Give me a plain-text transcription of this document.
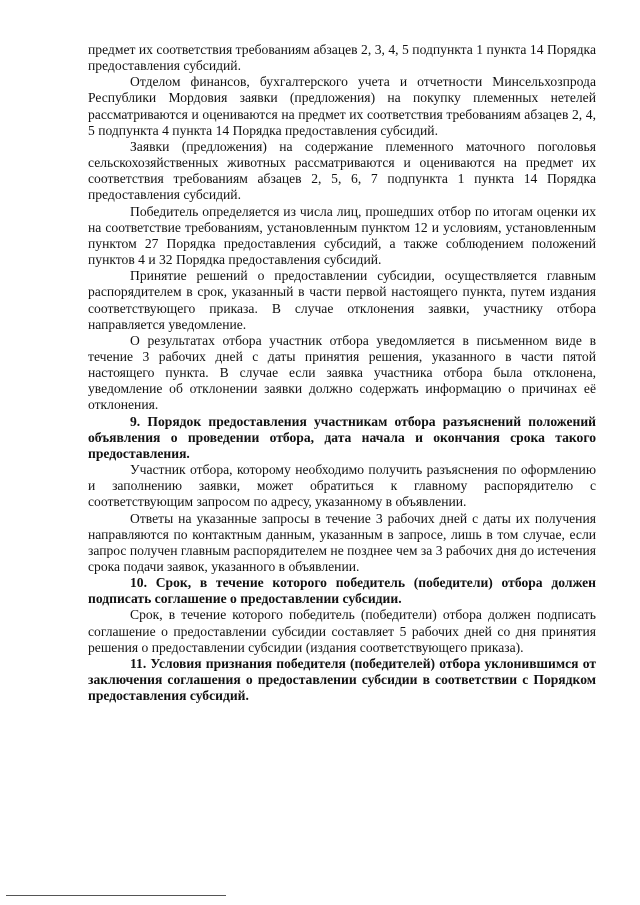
предмет их соответствия требованиям абзацев 2, 3, 4, 5 подпункта 1 пункта 14 Порядка предоставления субсидий.

Отделом финансов, бухгалтерского учета и отчетности Минсельхозпрода Республики Мордовия заявки (предложения) на покупку племенных нетелей рассматриваются и оцениваются на предмет их соответствия требованиям абзацев 2, 4, 5 подпункта 4 пункта 14 Порядка предоставления субсидий.

Заявки (предложения) на содержание племенного маточного поголовья сельскохозяйственных животных рассматриваются и оцениваются на предмет их соответствия требованиям абзацев 2, 5, 6, 7 подпункта 1 пункта 14 Порядка предоставления субсидий.

Победитель определяется из числа лиц, прошедших отбор по итогам оценки их на соответствие требованиям, установленным пунктом 12 и условиям, установленным пунктом 27 Порядка предоставления субсидий, а также соблюдением положений пунктов 4 и 32 Порядка предоставления субсидий.

Принятие решений о предоставлении субсидии, осуществляется главным распорядителем в срок, указанный в части первой настоящего пункта, путем издания соответствующего приказа. В случае отклонения заявки, участнику отбора направляется уведомление.

О результатах отбора участник отбора уведомляется в письменном виде в течение 3 рабочих дней с даты принятия решения, указанного в части пятой настоящего пункта. В случае если заявка участника отбора была отклонена, уведомление об отклонении заявки должно содержать информацию о причинах её отклонения.

9. Порядок предоставления участникам отбора разъяснений положений объявления о проведении отбора, дата начала и окончания срока такого предоставления.

Участник отбора, которому необходимо получить разъяснения по оформлению и заполнению заявки, может обратиться к главному распорядителю с соответствующим запросом по адресу, указанному в объявлении.

Ответы на указанные запросы в течение 3 рабочих дней с даты их получения направляются по контактным данным, указанным в запросе, лишь в том случае, если запрос получен главным распорядителем не позднее чем за 3 рабочих дня до истечения срока подачи заявок, указанного в объявлении.

10. Срок, в течение которого победитель (победители) отбора должен подписать соглашение о предоставлении субсидии.

Срок, в течение которого победитель (победители) отбора должен подписать соглашение о предоставлении субсидии составляет 5 рабочих дней со дня принятия решения о предоставлении субсидии (издания соответствующего приказа).

11. Условия признания победителя (победителей) отбора уклонившимся от заключения соглашения о предоставлении субсидии в соответствии с Порядком предоставления субсидий.
